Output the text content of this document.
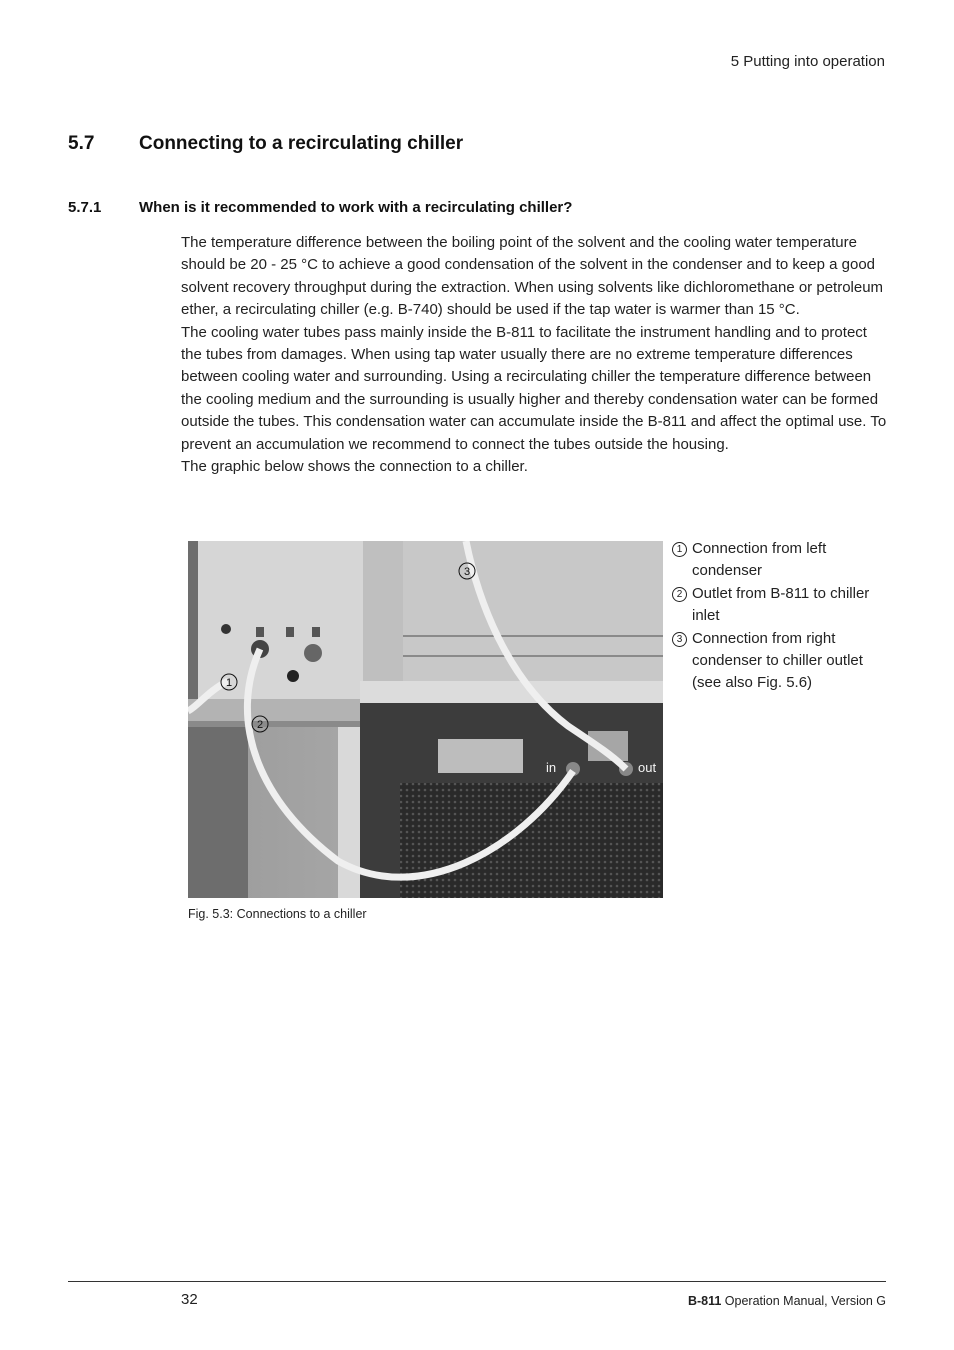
5 Putting into operation
5.7 Connecting to a recirculating chiller
5.7.1	When is it recommended to work with a recirculating chiller?

The temperature difference between the boiling point of the solvent and the cooling water temperature should be 20 - 25 °C to achieve a good condensation of the solvent in the condenser and to keep a good solvent recovery throughput during the extraction. When using solvents like dichloromethane or petroleum ether, a recirculating chiller (e.g. B-740) should be used if the tap water is warmer than 15 °C.

The cooling water tubes pass mainly inside the B-811 to facilitate the instrument handling and to protect the tubes from damages. When using tap water usually there are no extreme temperature differences between cooling water and surrounding. Using a recirculating chiller the temperature difference between the cooling medium and the surrounding is usually higher and thereby condensation water can be formed outside the tubes. This condensation water can accumulate inside the B-811 and affect the optimal use. To prevent an accumulation we recommend to connect the tubes outside the housing.

The graphic below shows the connection to a chiller.

1
2
3
in	out
Fig. 5.3: Connections to a chiller
1 Connection from left condenser
2 Outlet from B-811 to chiller inlet
3 Connection from right condenser to chiller outlet (see also Fig. 5.6)
32	B-811 Operation Manual, Version G
